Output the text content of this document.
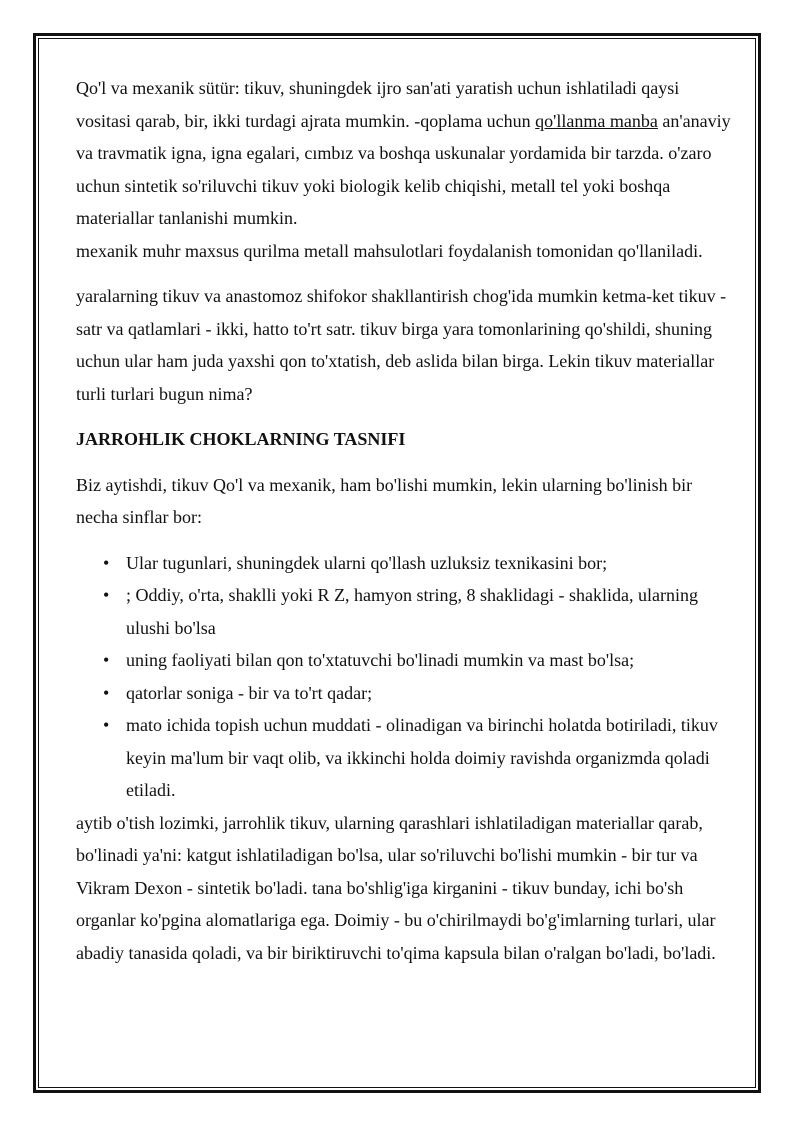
Qo'l va mexanik sütür: tikuv, shuningdek ijro san'ati yaratish uchun ishlatiladi qaysi vositasi qarab, bir, ikki turdagi ajrata mumkin. -qoplama uchun qo'llanma manba an'anaviy va travmatik igna, igna egalari, cımbız va boshqa uskunalar yordamida bir tarzda. o'zaro uchun sintetik so'riluvchi tikuv yoki biologik kelib chiqishi, metall tel yoki boshqa materiallar tanlanishi mumkin.

mexanik muhr maxsus qurilma metall mahsulotlari foydalanish tomonidan qo'llaniladi.

yaralarning tikuv va anastomoz shifokor shakllantirish chog'ida mumkin ketma-ket tikuv - satr va qatlamlari - ikki, hatto to'rt satr. tikuv birga yara tomonlarining qo'shildi, shuning uchun ular ham juda yaxshi qon to'xtatish, deb aslida bilan birga. Lekin tikuv materiallar turli turlari bugun nima?

JARROHLIK CHOKLARNING TASNIFI

Biz aytishdi, tikuv Qo'l va mexanik, ham bo'lishi mumkin, lekin ularning bo'linish bir necha sinflar bor:

• Ular tugunlari, shuningdek ularni qo'llash uzluksiz texnikasini bor;
• ; Oddiy, o'rta, shaklli yoki R Z, hamyon string, 8 shaklidagi - shaklida, ularning ulushi bo'lsa
• uning faoliyati bilan qon to'xtatuvchi bo'linadi mumkin va mast bo'lsa;
• qatorlar soniga - bir va to'rt qadar;
• mato ichida topish uchun muddati - olinadigan va birinchi holatda botiriladi, tikuv keyin ma'lum bir vaqt olib, va ikkinchi holda doimiy ravishda organizmda qoladi etiladi.

aytib o'tish lozimki, jarrohlik tikuv, ularning qarashlari ishlatiladigan materiallar qarab, bo'linadi ya'ni: katgut ishlatiladigan bo'lsa, ular so'riluvchi bo'lishi mumkin - bir tur va Vikram Dexon - sintetik bo'ladi. tana bo'shlig'iga kirganini - tikuv bunday, ichi bo'sh organlar ko'pgina alomatlariga ega. Doimiy - bu o'chirilmaydi bo'g'imlarning turlari, ular abadiy tanasida qoladi, va bir biriktiruvchi to'qima kapsula bilan o'ralgan bo'ladi, bo'ladi.
